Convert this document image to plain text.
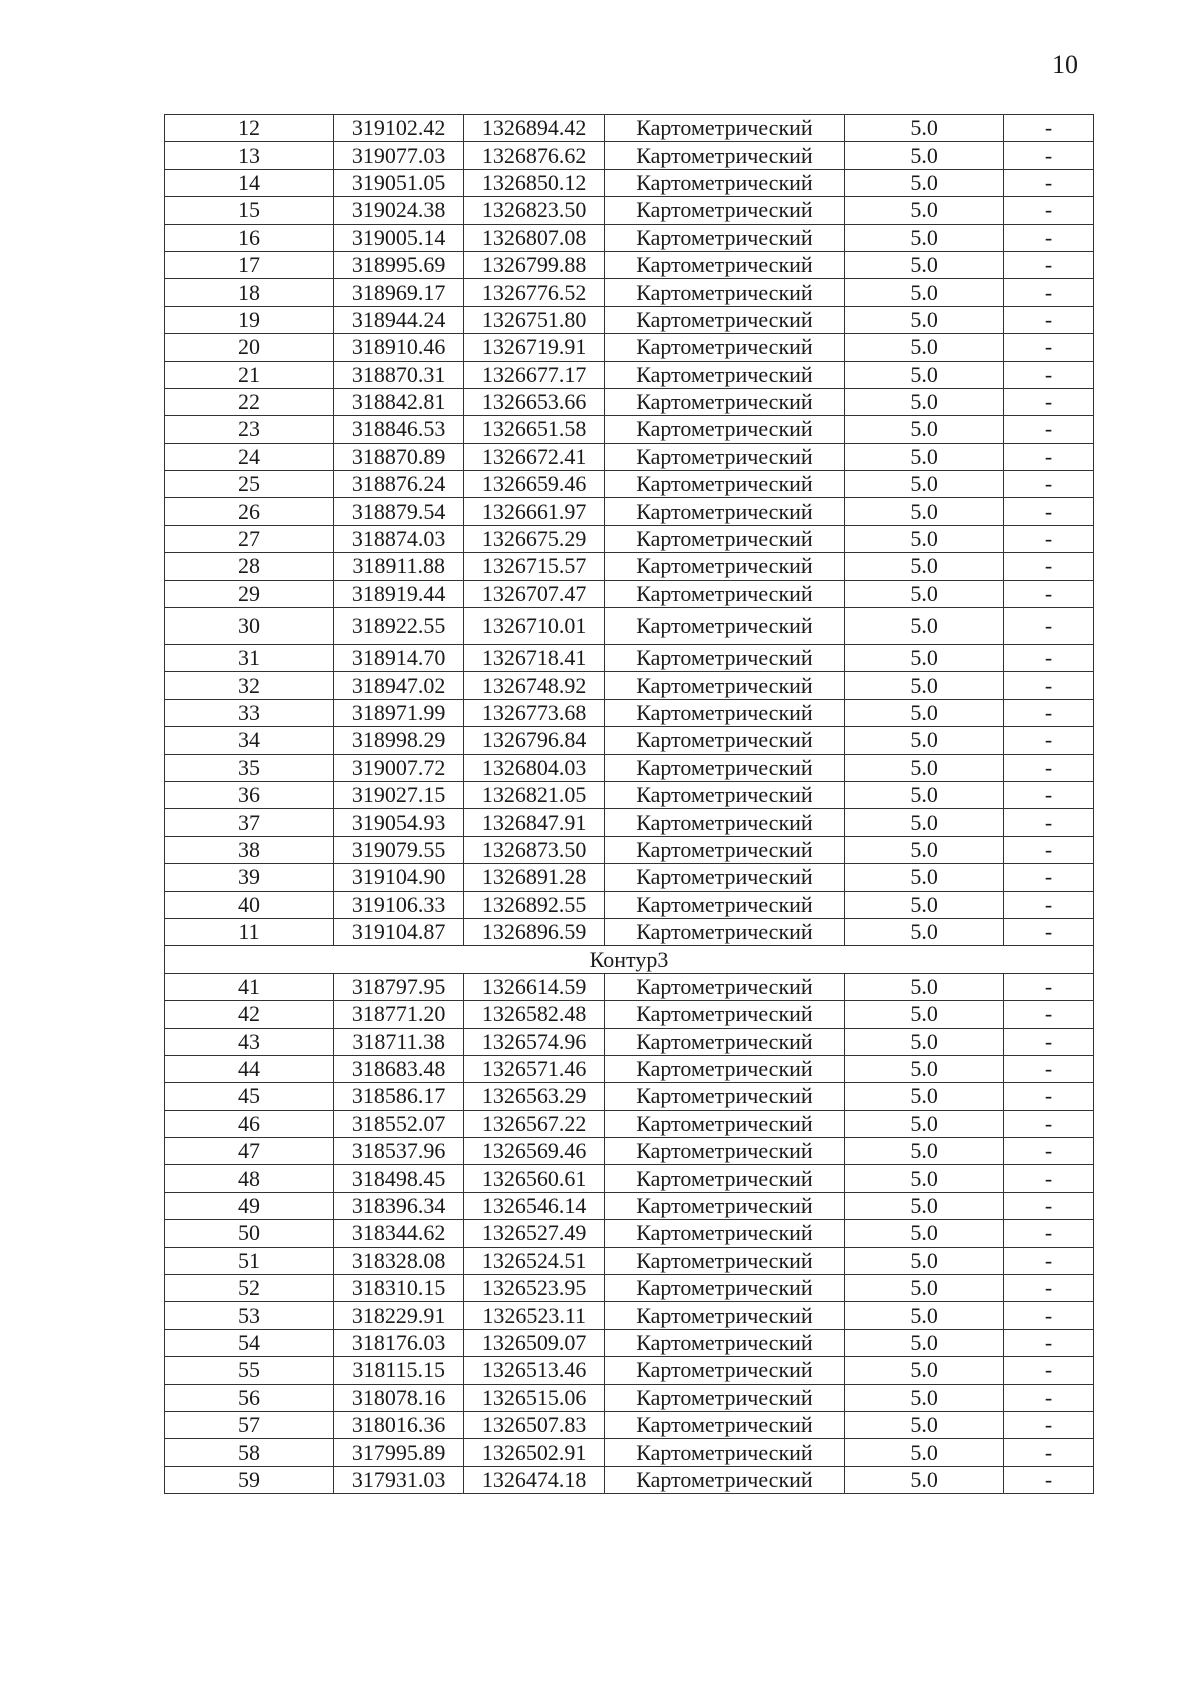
10
12	319102.42	1326894.42	Картометрический	5.0	-
13	319077.03	1326876.62	Картометрический	5.0	-
14	319051.05	1326850.12	Картометрический	5.0	-
15	319024.38	1326823.50	Картометрический	5.0	-
16	319005.14	1326807.08	Картометрический	5.0	-
17	318995.69	1326799.88	Картометрический	5.0	-
18	318969.17	1326776.52	Картометрический	5.0	-
19	318944.24	1326751.80	Картометрический	5.0	-
20	318910.46	1326719.91	Картометрический	5.0	-
21	318870.31	1326677.17	Картометрический	5.0	-
22	318842.81	1326653.66	Картометрический	5.0	-
23	318846.53	1326651.58	Картометрический	5.0	-
24	318870.89	1326672.41	Картометрический	5.0	-
25	318876.24	1326659.46	Картометрический	5.0	-
26	318879.54	1326661.97	Картометрический	5.0	-
27	318874.03	1326675.29	Картометрический	5.0	-
28	318911.88	1326715.57	Картометрический	5.0	-
29	318919.44	1326707.47	Картометрический	5.0	-
30	318922.55	1326710.01	Картометрический	5.0	-
31	318914.70	1326718.41	Картометрический	5.0	-
32	318947.02	1326748.92	Картометрический	5.0	-
33	318971.99	1326773.68	Картометрический	5.0	-
34	318998.29	1326796.84	Картометрический	5.0	-
35	319007.72	1326804.03	Картометрический	5.0	-
36	319027.15	1326821.05	Картометрический	5.0	-
37	319054.93	1326847.91	Картометрический	5.0	-
38	319079.55	1326873.50	Картометрический	5.0	-
39	319104.90	1326891.28	Картометрический	5.0	-
40	319106.33	1326892.55	Картометрический	5.0	-
11	319104.87	1326896.59	Картометрический	5.0	-
Контур3					
41	318797.95	1326614.59	Картометрический	5.0	-
42	318771.20	1326582.48	Картометрический	5.0	-
43	318711.38	1326574.96	Картометрический	5.0	-
44	318683.48	1326571.46	Картометрический	5.0	-
45	318586.17	1326563.29	Картометрический	5.0	-
46	318552.07	1326567.22	Картометрический	5.0	-
47	318537.96	1326569.46	Картометрический	5.0	-
48	318498.45	1326560.61	Картометрический	5.0	-
49	318396.34	1326546.14	Картометрический	5.0	-
50	318344.62	1326527.49	Картометрический	5.0	-
51	318328.08	1326524.51	Картометрический	5.0	-
52	318310.15	1326523.95	Картометрический	5.0	-
53	318229.91	1326523.11	Картометрический	5.0	-
54	318176.03	1326509.07	Картометрический	5.0	-
55	318115.15	1326513.46	Картометрический	5.0	-
56	318078.16	1326515.06	Картометрический	5.0	-
57	318016.36	1326507.83	Картометрический	5.0	-
58	317995.89	1326502.91	Картометрический	5.0	-
59	317931.03	1326474.18	Картометрический	5.0	-
